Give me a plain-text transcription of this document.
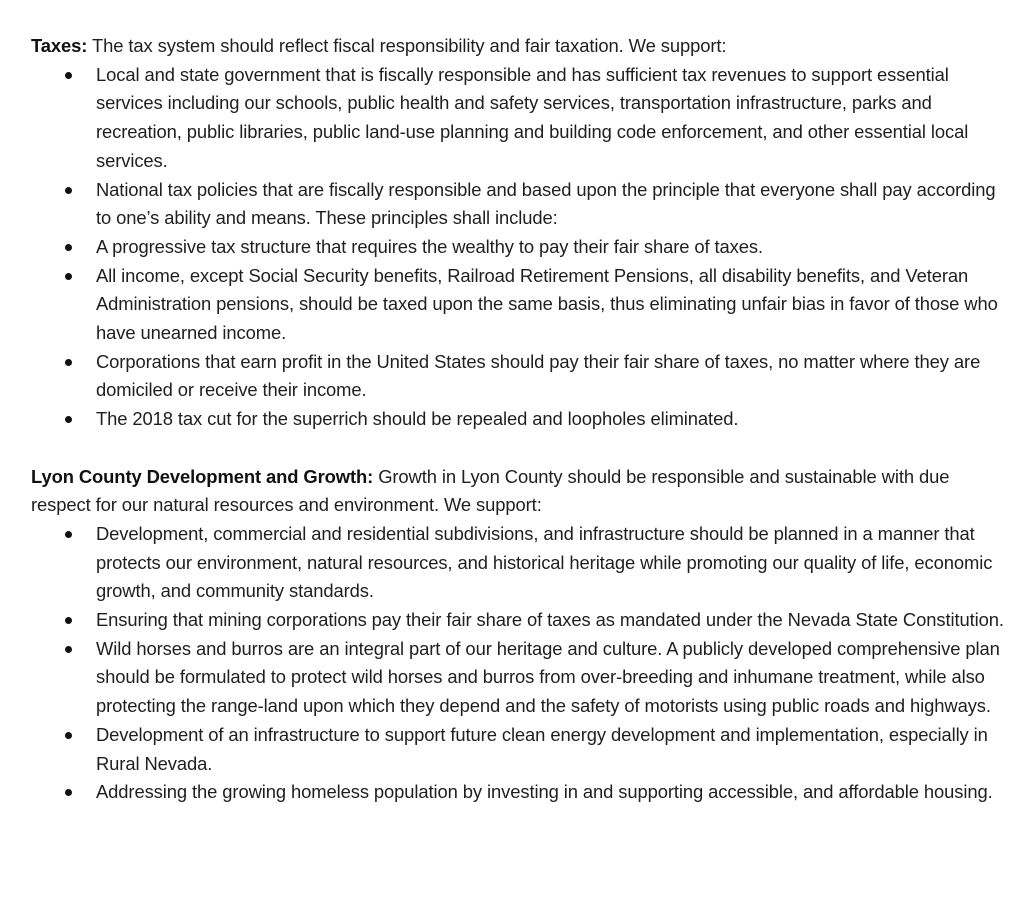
Taxes: The tax system should reflect fiscal responsibility and fair taxation. We support:

Local and state government that is fiscally responsible and has sufficient tax revenues to support essential services including our schools, public health and safety services, transportation infrastructure, parks and recreation, public libraries, public land-use planning and building code enforcement, and other essential local services.
National tax policies that are fiscally responsible and based upon the principle that everyone shall pay according to one’s ability and means. These principles shall include:
A progressive tax structure that requires the wealthy to pay their fair share of taxes.
All income, except Social Security benefits, Railroad Retirement Pensions, all disability benefits, and Veteran Administration pensions, should be taxed upon the same basis, thus eliminating unfair bias in favor of those who have unearned income.
Corporations that earn profit in the United States should pay their fair share of taxes, no matter where they are domiciled or receive their income.
The 2018 tax cut for the superrich should be repealed and loopholes eliminated.

Lyon County Development and Growth: Growth in Lyon County should be responsible and sustainable with due respect for our natural resources and environment. We support:

Development, commercial and residential subdivisions, and infrastructure should be planned in a manner that protects our environment, natural resources, and historical heritage while promoting our quality of life, economic growth, and community standards.
Ensuring that mining corporations pay their fair share of taxes as mandated under the Nevada State Constitution.
Wild horses and burros are an integral part of our heritage and culture. A publicly developed comprehensive plan should be formulated to protect wild horses and burros from over-breeding and inhumane treatment, while also protecting the range-land upon which they depend and the safety of motorists using public roads and highways.
Development of an infrastructure to support future clean energy development and implementation, especially in Rural Nevada.
Addressing the growing homeless population by investing in and supporting accessible, and affordable housing.
